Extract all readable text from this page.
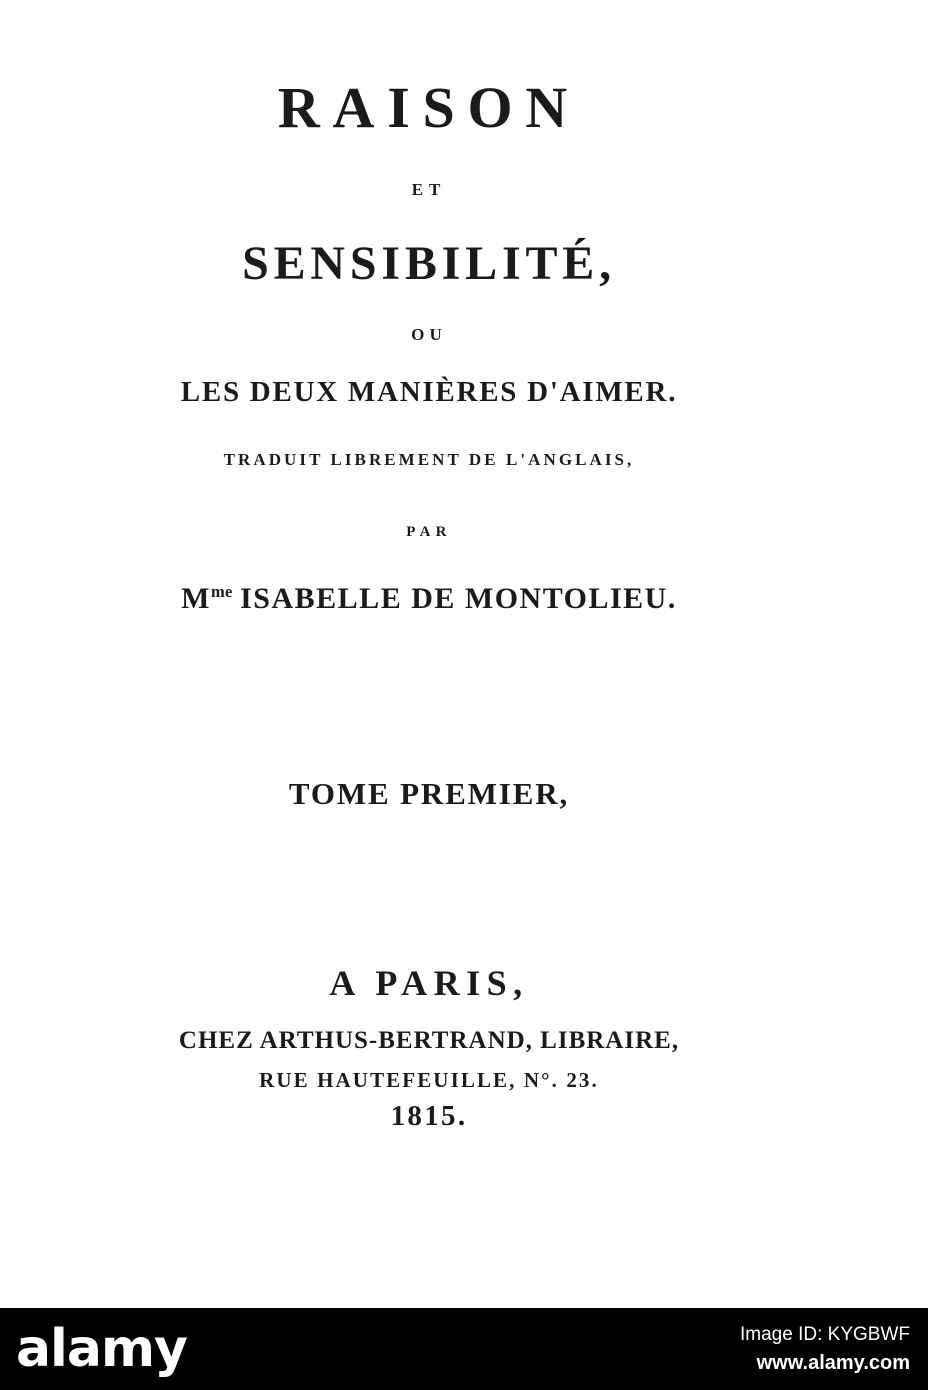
RAISON
ET
SENSIBILITÉ,
OU
LES DEUX MANIÈRES D'AIMER.
TRADUIT LIBREMENT DE L'ANGLAIS,
PAR
$M^{me}$ ISABELLE DE MONTOLIEU.
TOME PREMIER,
A PARIS,
CHEZ ARTHUS-BERTRAND, LIBRAIRE,
RUE HAUTEFEUILLE, N°. 23.
1815.
alamy	Image ID: KYGBWF
www.alamy.com
